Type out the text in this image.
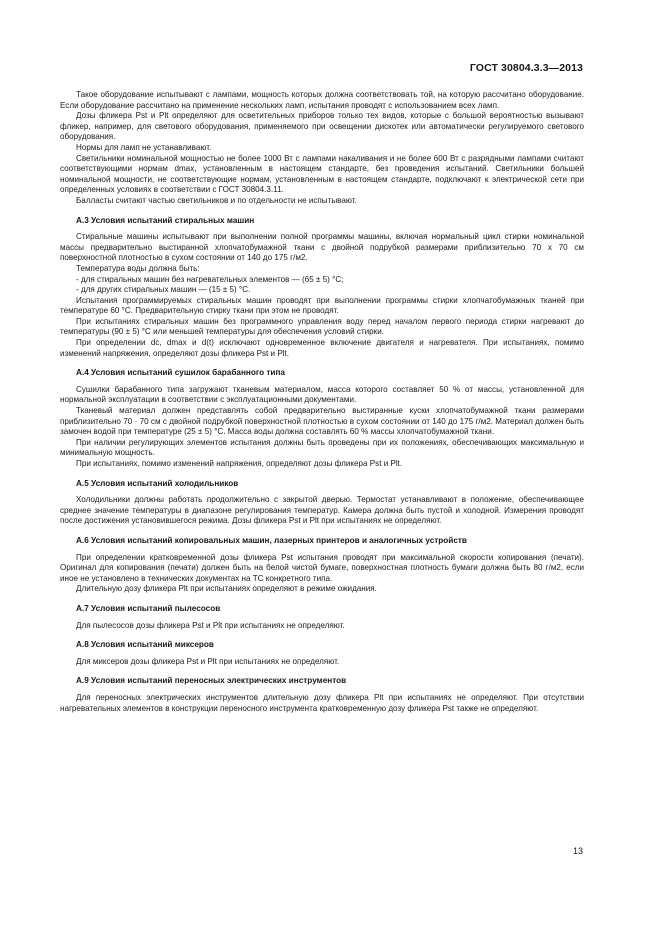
ГОСТ 30804.3.3—2013

Такое оборудование испытывают с лампами, мощность которых должна соответствовать той, на которую рассчитано оборудование. Если оборудование рассчитано на применение нескольких ламп, испытания проводят с использованием всех ламп.

Дозы фликера Pst и Plt определяют для осветительных приборов только тех видов, которые с большой вероятностью вызывают фликер, например, для светового оборудования, применяемого при освещении дискотек или автоматически регулируемого светового оборудования.

Нормы для ламп не устанавливают.

Светильники номинальной мощностью не более 1000 Вт с лампами накаливания и не более 600 Вт с разрядными лампами считают соответствующими нормам dmax, установленным в настоящем стандарте, без проведения испытаний. Светильники большей номинальной мощности, не соответствующие нормам, установленным в настоящем стандарте, подключают к электрической сети при определенных условиях в соответствии с ГОСТ 30804.3.11.

Балласты считают частью светильников и по отдельности не испытывают.

А.3 Условия испытаний стиральных машин

Стиральные машины испытывают при выполнении полной программы машины, включая нормальный цикл стирки номинальной массы предварительно выстиранной хлопчатобумажной ткани с двойной подрубкой размерами приблизительно 70 х 70 см поверхностной плотностью в сухом состоянии от 140 до 175 г/м2.

Температура воды должна быть:

- для стиральных машин без нагревательных элементов — (65 ± 5) °С;

- для других стиральных машин — (15 ± 5) °С.

Испытания программируемых стиральных машин проводят при выполнении программы стирки хлопчатобумажных тканей при температуре 60 °С. Предварительную стирку ткани при этом не проводят.

При испытаниях стиральных машин без программного управления воду перед началом первого периода стирки нагревают до температуры (90 ± 5) °С или меньшей температуры для обеспечения условий стирки.

При определении dc, dmax и d(t) исключают одновременное включение двигателя и нагревателя. При испытаниях, помимо изменений напряжения, определяют дозы фликера Pst и Plt.

А.4 Условия испытаний сушилок барабанного типа

Сушилки барабанного типа загружают тканевым материалом, масса которого составляет 50 % от массы, установленной для нормальной эксплуатации в соответствии с эксплуатационными документами.

Тканевый материал должен представлять собой предварительно выстиранные куски хлопчатобумажной ткани размерами приблизительно 70 · 70 см с двойной подрубкой поверхностной плотностью в сухом состоянии от 140 до 175 г/м2. Материал должен быть замочен водой при температуре (25 ± 5) °С. Масса воды должна составлять 60 % массы хлопчатобумажной ткани.

При наличии регулирующих элементов испытания должны быть проведены при их положениях, обеспечивающих максимальную и минимальную мощность.

При испытаниях, помимо изменений напряжения, определяют дозы фликера Pst и Plt.

А.5 Условия испытаний холодильников

Холодильники должны работать продолжительно с закрытой дверью. Термостат устанавливают в положение, обеспечивающее среднее значение температуры в диапазоне регулирования температур. Камера должна быть пустой и холодной. Измерения проводят после достижения установившегося режима. Дозы фликера Pst и Plt при испытаниях не определяют.

А.6 Условия испытаний копировальных машин, лазерных принтеров и аналогичных устройств

При определении кратковременной дозы фликера Pst испытания проводят при максимальной скорости копирования (печати). Оригинал для копирования (печати) должен быть на белой чистой бумаге, поверхностная плотность бумаги должна быть 80 г/м2, если иное не установлено в технических документах на ТС конкретного типа.

Длительную дозу фликера Plt при испытаниях определяют в режиме ожидания.

А.7 Условия испытаний пылесосов

Для пылесосов дозы фликера Pst и Plt при испытаниях не определяют.

А.8 Условия испытаний миксеров

Для миксеров дозы фликера Pst и Plt при испытаниях не определяют.

А.9 Условия испытаний переносных электрических инструментов

Для переносных электрических инструментов длительную дозу фликера Plt при испытаниях не определяют. При отсутствии нагревательных элементов в конструкции переносного инструмента кратковременную дозу фликера Pst также не определяют.

13
